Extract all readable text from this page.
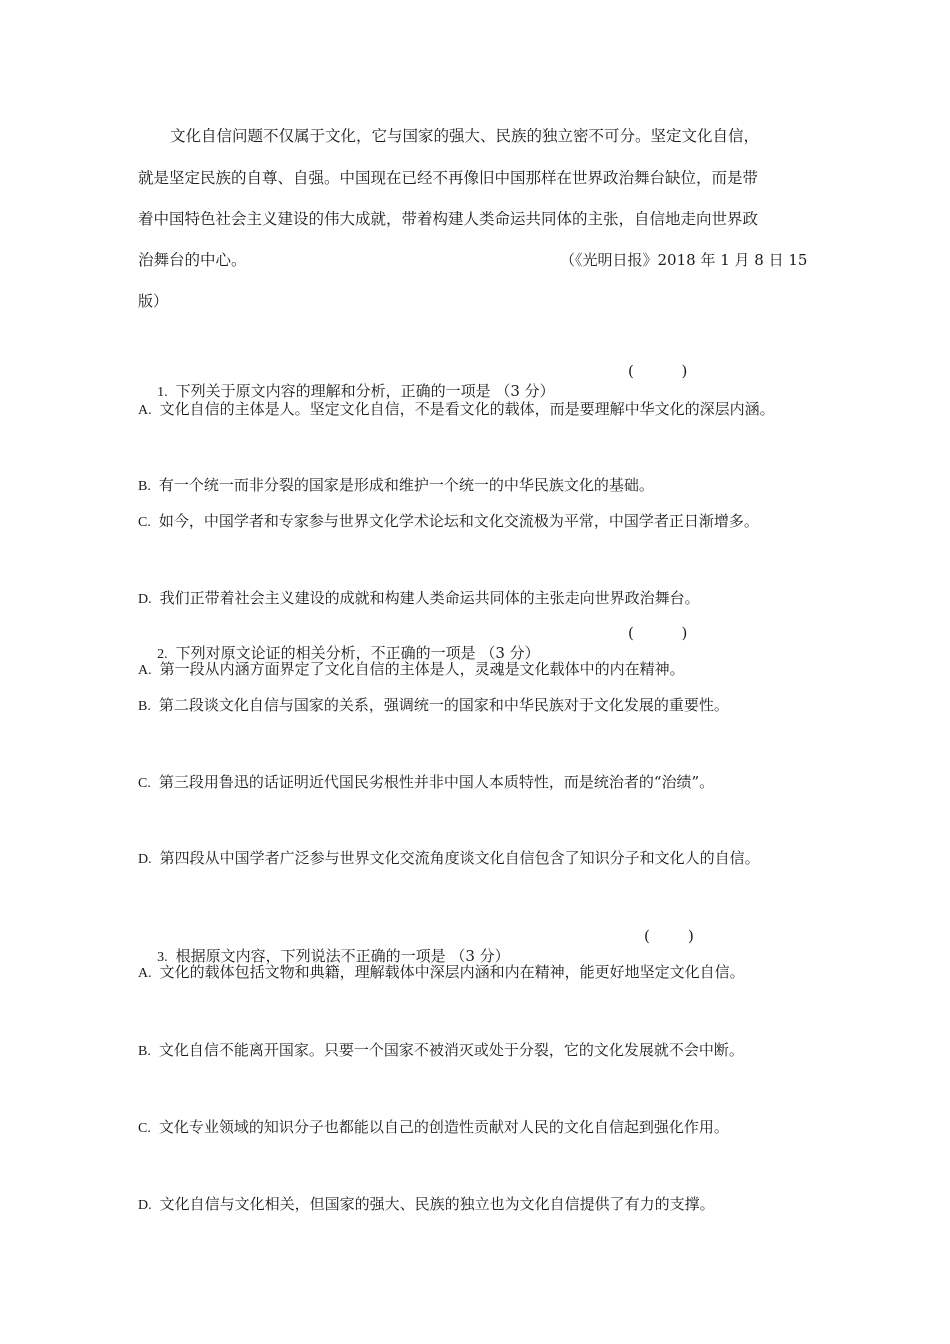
文化自信问题不仅属于文化，它与国家的强大、民族的独立密不可分。坚定文化自信，
就是坚定民族的自尊、自强。中国现在已经不再像旧中国那样在世界政治舞台缺位，而是带
着中国特色社会主义建设的伟大成就，带着构建人类命运共同体的主张，自信地走向世界政
治舞台的中心。	（《光明日报》2018 年 1 月 8 日 15
版）

1. 下列关于原文内容的理解和分析，正确的一项是 （3 分）

(          )
A. 文化自信的主体是人。坚定文化自信，不是看文化的载体，而是要理解中华文化的深层内涵。
B. 有一个统一而非分裂的国家是形成和维护一个统一的中华民族文化的基础。
C. 如今，中国学者和专家参与世界文化学术论坛和文化交流极为平常，中国学者正日渐增多。
D. 我们正带着社会主义建设的成就和构建人类命运共同体的主张走向世界政治舞台。

2. 下列对原文论证的相关分析，不正确的一项是 （3 分）

(          )
A. 第一段从内涵方面界定了文化自信的主体是人，灵魂是文化载体中的内在精神。
B. 第二段谈文化自信与国家的关系，强调统一的国家和中华民族对于文化发展的重要性。
C. 第三段用鲁迅的话证明近代国民劣根性并非中国人本质特性，而是统治者的“治绩”。
D. 第四段从中国学者广泛参与世界文化交流角度谈文化自信包含了知识分子和文化人的自信。

3. 根据原文内容，下列说法不正确的一项是 （3 分）

(        )
A. 文化的载体包括文物和典籍，理解载体中深层内涵和内在精神，能更好地坚定文化自信。
B. 文化自信不能离开国家。只要一个国家不被消灭或处于分裂，它的文化发展就不会中断。
C. 文化专业领域的知识分子也都能以自己的创造性贡献对人民的文化自信起到强化作用。
D. 文化自信与文化相关，但国家的强大、民族的独立也为文化自信提供了有力的支撑。
